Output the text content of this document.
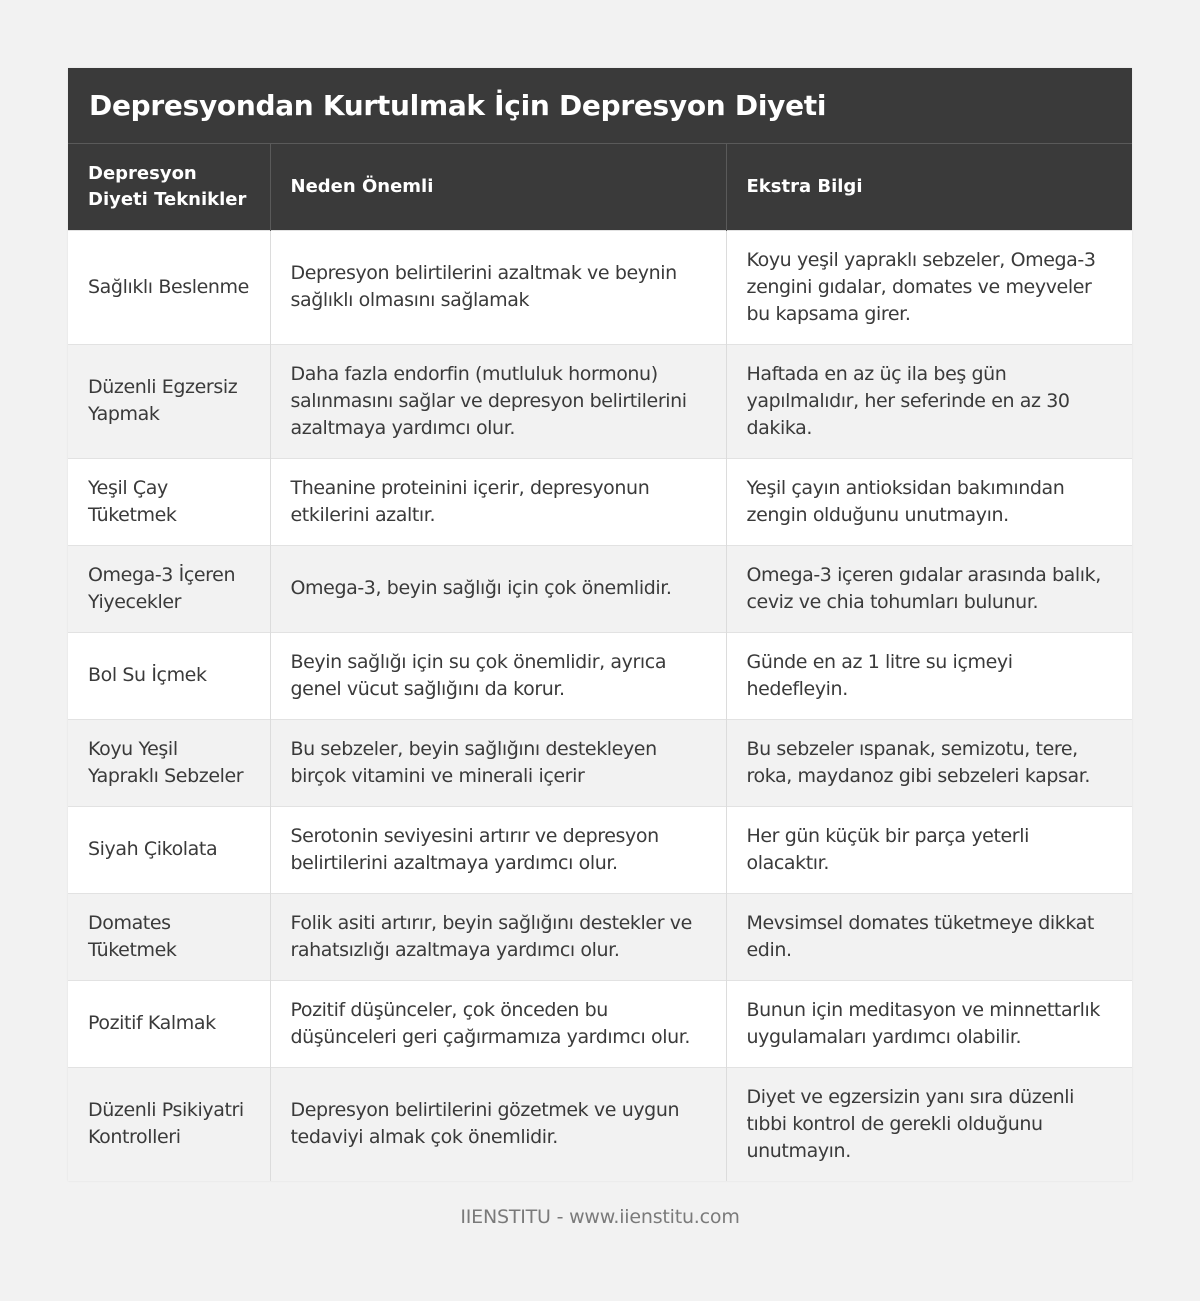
Depresyondan Kurtulmak İçin Depresyon Diyeti
Depresyon Diyeti Teknikler	Neden Önemli	Ekstra Bilgi
Sağlıklı Beslenme	Depresyon belirtilerini azaltmak ve beynin sağlıklı olmasını sağlamak	Koyu yeşil yapraklı sebzeler, Omega-3 zengini gıdalar, domates ve meyveler bu kapsama girer.
Düzenli Egzersiz Yapmak	Daha fazla endorfin (mutluluk hormonu) salınmasını sağlar ve depresyon belirtilerini azaltmaya yardımcı olur.	Haftada en az üç ila beş gün yapılmalıdır, her seferinde en az 30 dakika.
Yeşil Çay Tüketmek	Theanine proteinini içerir, depresyonun etkilerini azaltır.	Yeşil çayın antioksidan bakımından zengin olduğunu unutmayın.
Omega-3 İçeren Yiyecekler	Omega-3, beyin sağlığı için çok önemlidir.	Omega-3 içeren gıdalar arasında balık, ceviz ve chia tohumları bulunur.
Bol Su İçmek	Beyin sağlığı için su çok önemlidir, ayrıca genel vücut sağlığını da korur.	Günde en az 1 litre su içmeyi hedefleyin.
Koyu Yeşil Yapraklı Sebzeler	Bu sebzeler, beyin sağlığını destekleyen birçok vitamini ve minerali içerir	Bu sebzeler ıspanak, semizotu, tere, roka, maydanoz gibi sebzeleri kapsar.
Siyah Çikolata	Serotonin seviyesini artırır ve depresyon belirtilerini azaltmaya yardımcı olur.	Her gün küçük bir parça yeterli olacaktır.
Domates Tüketmek	Folik asiti artırır, beyin sağlığını destekler ve rahatsızlığı azaltmaya yardımcı olur.	Mevsimsel domates tüketmeye dikkat edin.
Pozitif Kalmak	Pozitif düşünceler, çok önceden bu düşünceleri geri çağırmamıza yardımcı olur.	Bunun için meditasyon ve minnettarlık uygulamaları yardımcı olabilir.
Düzenli Psikiyatri Kontrolleri	Depresyon belirtilerini gözetmek ve uygun tedaviyi almak çok önemlidir.	Diyet ve egzersizin yanı sıra düzenli tıbbi kontrol de gerekli olduğunu unutmayın.
IIENSTITU - www.iienstitu.com
